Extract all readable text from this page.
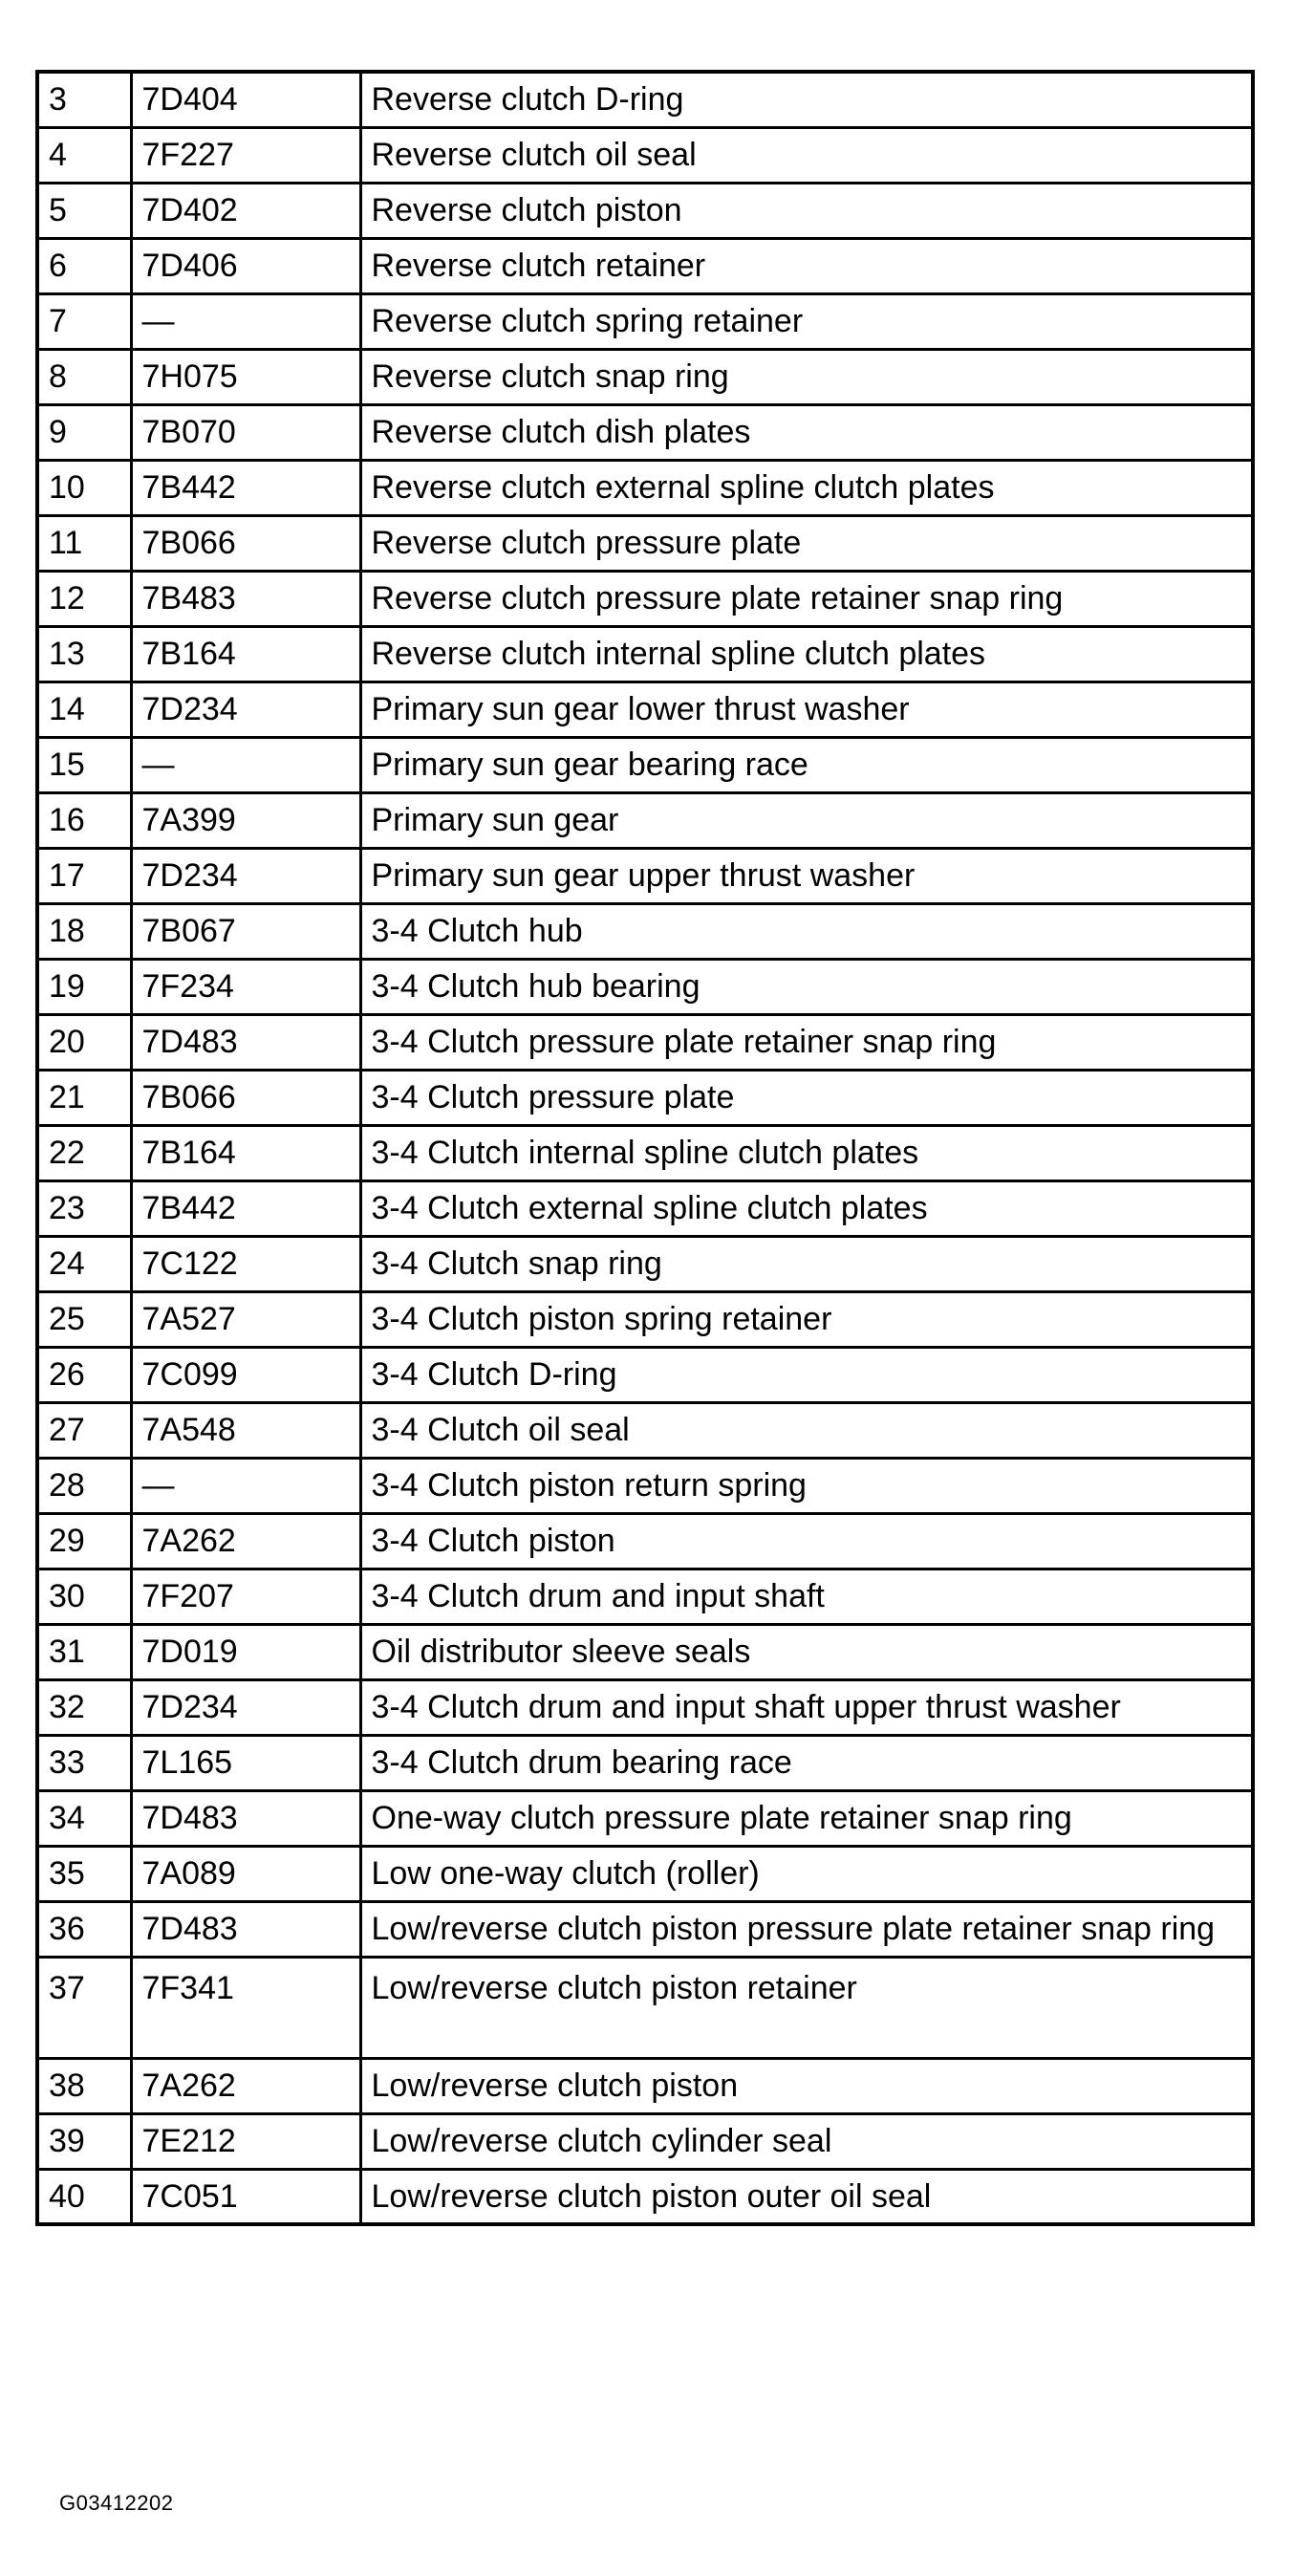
3	7D404	Reverse clutch D-ring
4	7F227	Reverse clutch oil seal
5	7D402	Reverse clutch piston
6	7D406	Reverse clutch retainer
7	—	Reverse clutch spring retainer
8	7H075	Reverse clutch snap ring
9	7B070	Reverse clutch dish plates
10	7B442	Reverse clutch external spline clutch plates
11	7B066	Reverse clutch pressure plate
12	7B483	Reverse clutch pressure plate retainer snap ring
13	7B164	Reverse clutch internal spline clutch plates
14	7D234	Primary sun gear lower thrust washer
15	—	Primary sun gear bearing race
16	7A399	Primary sun gear
17	7D234	Primary sun gear upper thrust washer
18	7B067	3-4 Clutch hub
19	7F234	3-4 Clutch hub bearing
20	7D483	3-4 Clutch pressure plate retainer snap ring
21	7B066	3-4 Clutch pressure plate
22	7B164	3-4 Clutch internal spline clutch plates
23	7B442	3-4 Clutch external spline clutch plates
24	7C122	3-4 Clutch snap ring
25	7A527	3-4 Clutch piston spring retainer
26	7C099	3-4 Clutch D-ring
27	7A548	3-4 Clutch oil seal
28	—	3-4 Clutch piston return spring
29	7A262	3-4 Clutch piston
30	7F207	3-4 Clutch drum and input shaft
31	7D019	Oil distributor sleeve seals
32	7D234	3-4 Clutch drum and input shaft upper thrust washer
33	7L165	3-4 Clutch drum bearing race
34	7D483	One-way clutch pressure plate retainer snap ring
35	7A089	Low one-way clutch (roller)
36	7D483	Low/reverse clutch piston pressure plate retainer snap ring
37	7F341	Low/reverse clutch piston retainer
38	7A262	Low/reverse clutch piston
39	7E212	Low/reverse clutch cylinder seal
40	7C051	Low/reverse clutch piston outer oil seal
G03412202
